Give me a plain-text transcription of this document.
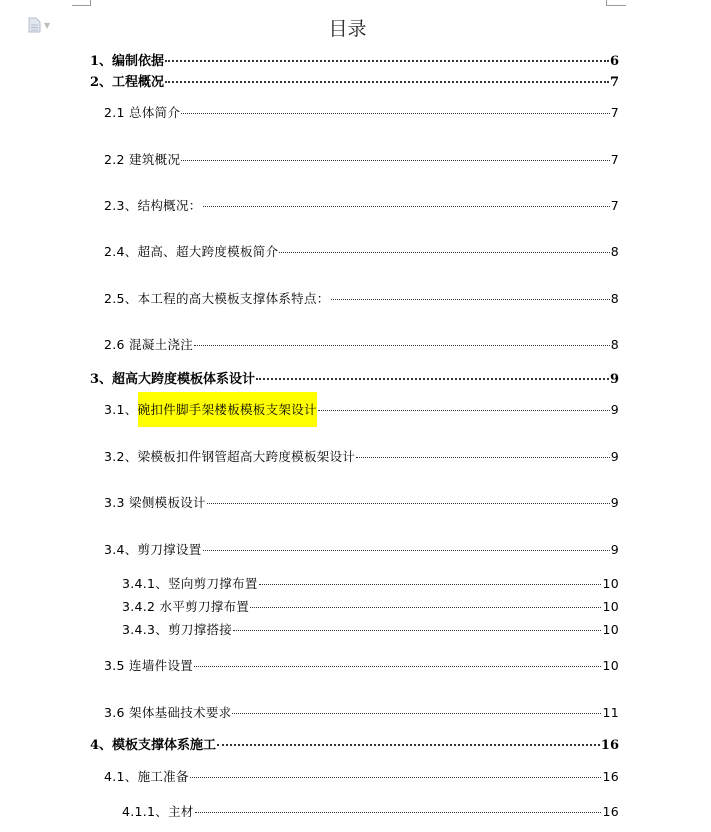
▼	目录
1、编制依据	6
2、工程概况	7
2.1 总体简介	7
2.2 建筑概况	7
2.3、结构概况：	7
2.4、超高、超大跨度模板简介	8
2.5、本工程的高大模板支撑体系特点：	8
2.6 混凝土浇注	8
3、超高大跨度模板体系设计	9
3.1、碗扣件脚手架楼板模板支架设计	9
3.2、梁模板扣件钢管超高大跨度模板架设计	9
3.3 梁侧模板设计	9
3.4、剪刀撑设置	9
3.4.1、竖向剪刀撑布置	10
3.4.2 水平剪刀撑布置	10
3.4.3、剪刀撑搭接	10
3.5 连墙件设置	10
3.6 架体基础技术要求	11
4、模板支撑体系施工	16
4.1、施工准备	16
4.1.1、主材	16
